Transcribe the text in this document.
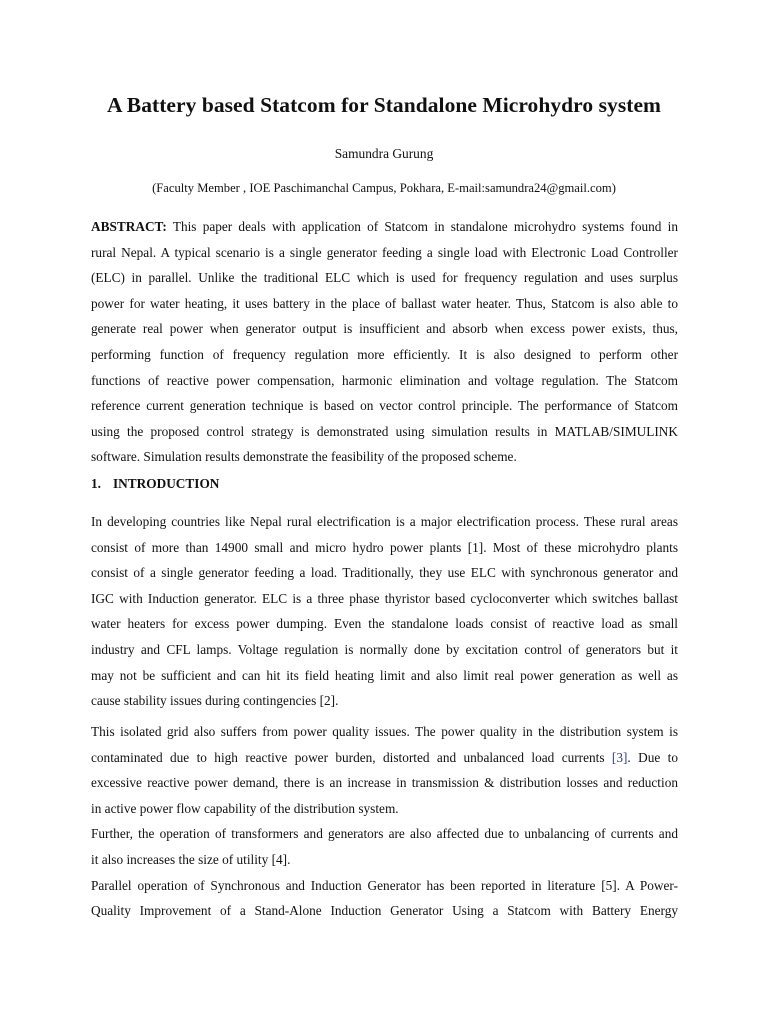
A Battery based Statcom for Standalone Microhydro system

Samundra Gurung

(Faculty Member , IOE Paschimanchal Campus, Pokhara, E-mail:samundra24@gmail.com)

ABSTRACT: This paper deals with application of Statcom in standalone microhydro systems found in
rural Nepal. A typical scenario is a single generator feeding a single load with Electronic Load Controller
(ELC) in parallel. Unlike the traditional ELC which is used for frequency regulation and uses surplus
power for water heating, it uses battery in the place of ballast water heater. Thus, Statcom is also able to
generate real power when generator output is insufficient and absorb when excess power exists, thus,
performing function of frequency regulation more efficiently. It is also designed to perform other
functions of reactive power compensation, harmonic elimination and voltage regulation. The Statcom
reference current generation technique is based on vector control principle. The performance of Statcom
using the proposed control strategy is demonstrated using simulation results in MATLAB/SIMULINK
software. Simulation results demonstrate the feasibility of the proposed scheme.
1. INTRODUCTION
In developing countries like Nepal rural electrification is a major electrification process. These rural areas
consist of more than 14900 small and micro hydro power plants [1]. Most of these microhydro plants
consist of a single generator feeding a load. Traditionally, they use ELC with synchronous generator and
IGC with Induction generator. ELC is a three phase thyristor based cycloconverter which switches ballast
water heaters for excess power dumping. Even the standalone loads consist of reactive load as small
industry and CFL lamps. Voltage regulation is normally done by excitation control of generators but it
may not be sufficient and can hit its field heating limit and also limit real power generation as well as
cause stability issues during contingencies [2].
This isolated grid also suffers from power quality issues. The power quality in the distribution system is
contaminated due to high reactive power burden, distorted and unbalanced load currents [3]. Due to
excessive reactive power demand, there is an increase in transmission & distribution losses and reduction
in active power flow capability of the distribution system.
Further, the operation of transformers and generators are also affected due to unbalancing of currents and
it also increases the size of utility [4].
Parallel operation of Synchronous and Induction Generator has been reported in literature [5]. A Power-
Quality Improvement of a Stand-Alone Induction Generator Using a Statcom with Battery Energy
